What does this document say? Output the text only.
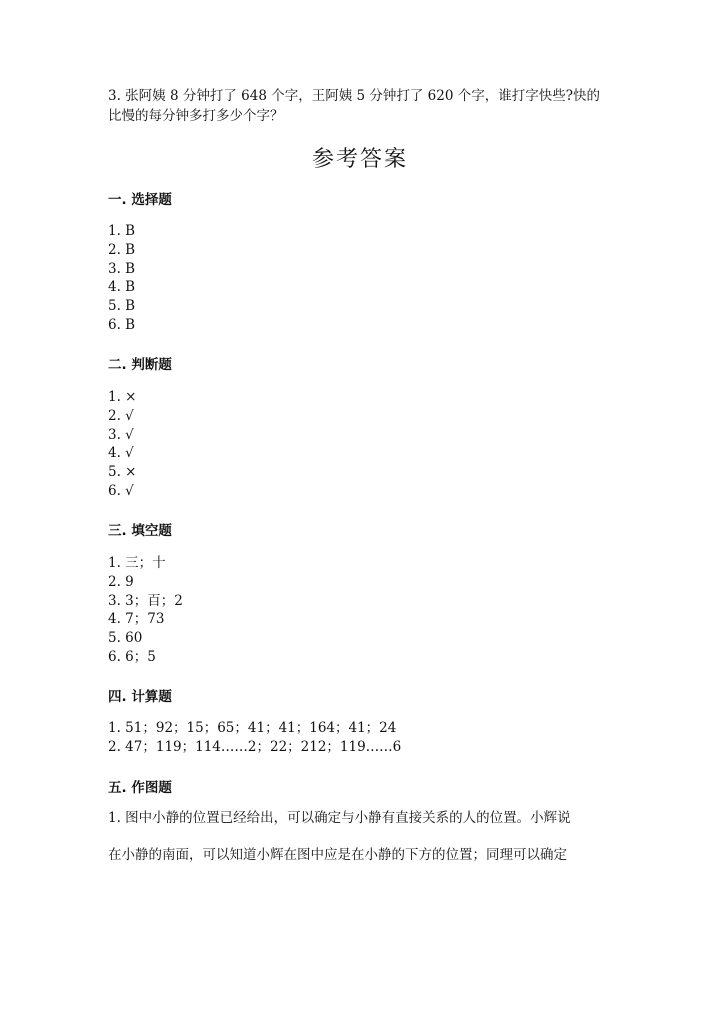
3. 张阿姨 8 分钟打了 648 个字，王阿姨 5 分钟打了 620 个字，谁打字快些?快的
比慢的每分钟多打多少个字？
参考答案
一. 选择题
1. B
2. B
3. B
4. B
5. B
6. B
二. 判断题
1. ×
2. √
3. √
4. √
5. ×
6. √
三. 填空题
1. 三；十
2. 9
3. 3；百；2
4. 7；73
5. 60
6. 6；5
四. 计算题
1. 51；92；15；65；41；41；164；41；24
2. 47；119；114……2；22；212；119……6
五. 作图题
1. 图中小静的位置已经给出，可以确定与小静有直接关系的人的位置。小辉说
在小静的南面，可以知道小辉在图中应是在小静的下方的位置；同理可以确定
